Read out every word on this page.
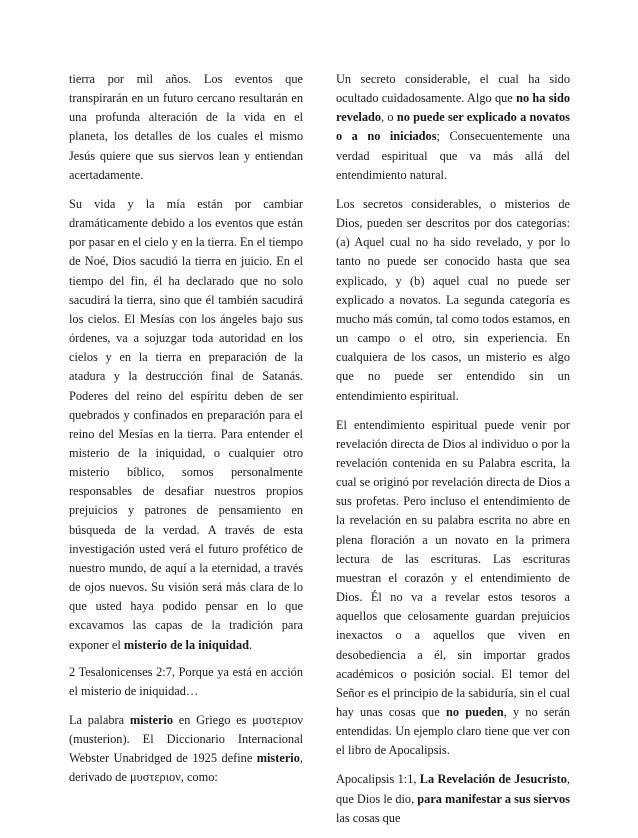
tierra por mil años. Los eventos que transpirarán en un futuro cercano resultarán en una profunda alteración de la vida en el planeta, los detalles de los cuales el mismo Jesús quiere que sus siervos lean y entiendan acertadamente.

Su vida y la mía están por cambiar dramáticamente debido a los eventos que están por pasar en el cielo y en la tierra. En el tiempo de Noé, Dios sacudió la tierra en juicio. En el tiempo del fin, él ha declarado que no solo sacudirá la tierra, sino que él también sacudirá los cielos. El Mesías con los ángeles bajo sus órdenes, va a sojuzgar toda autoridad en los cielos y en la tierra en preparación de la atadura y la destrucción final de Satanás. Poderes del reino del espíritu deben de ser quebrados y confinados en preparación para el reino del Mesías en la tierra. Para entender el misterio de la iniquidad, o cualquier otro misterio bíblico, somos personalmente responsables de desafiar nuestros propios prejuicios y patrones de pensamiento en búsqueda de la verdad. A través de esta investigación usted verá el futuro profético de nuestro mundo, de aquí a la eternidad, a través de ojos nuevos. Su visión será más clara de lo que usted haya podido pensar en lo que excavamos las capas de la tradición para exponer el misterio de la iniquidad.

2 Tesalonicenses 2:7, Porque ya está en acción el misterio de iniquidad…

La palabra misterio en Griego es μυστεριον (musterion). El Diccionario Internacional Webster Unabridged de 1925 define misterio, derivado de μυστεριον, como:

Un secreto considerable, el cual ha sido ocultado cuidadosamente. Algo que no ha sido revelado, o no puede ser explicado a novatos o a no iniciados; Consecuentemente una verdad espiritual que va más allá del entendimiento natural.

Los secretos considerables, o misterios de Dios, pueden ser descritos por dos categorías: (a) Aquel cual no ha sido revelado, y por lo tanto no puede ser conocido hasta que sea explicado, y (b) aquel cual no puede ser explicado a novatos. La segunda categoría es mucho más común, tal como todos estamos, en un campo o el otro, sin experiencia. En cualquiera de los casos, un misterio es algo que no puede ser entendido sin un entendimiento espiritual.

El entendimiento espiritual puede venir por revelación directa de Dios al individuo o por la revelación contenida en su Palabra escrita, la cual se originó por revelación directa de Dios a sus profetas. Pero incluso el entendimiento de la revelación en su palabra escrita no abre en plena floración a un novato en la primera lectura de las escrituras. Las escrituras muestran el corazón y el entendimiento de Dios. Él no va a revelar estos tesoros a aquellos que celosamente guardan prejuicios inexactos o a aquellos que viven en desobediencia a él, sin importar grados académicos o posición social. El temor del Señor es el principio de la sabiduría, sin el cual hay unas cosas que no pueden, y no serán entendidas. Un ejemplo claro tiene que ver con el libro de Apocalipsis.

Apocalipsis 1:1, La Revelación de Jesucristo, que Dios le dio, para manifestar a sus siervos las cosas que
